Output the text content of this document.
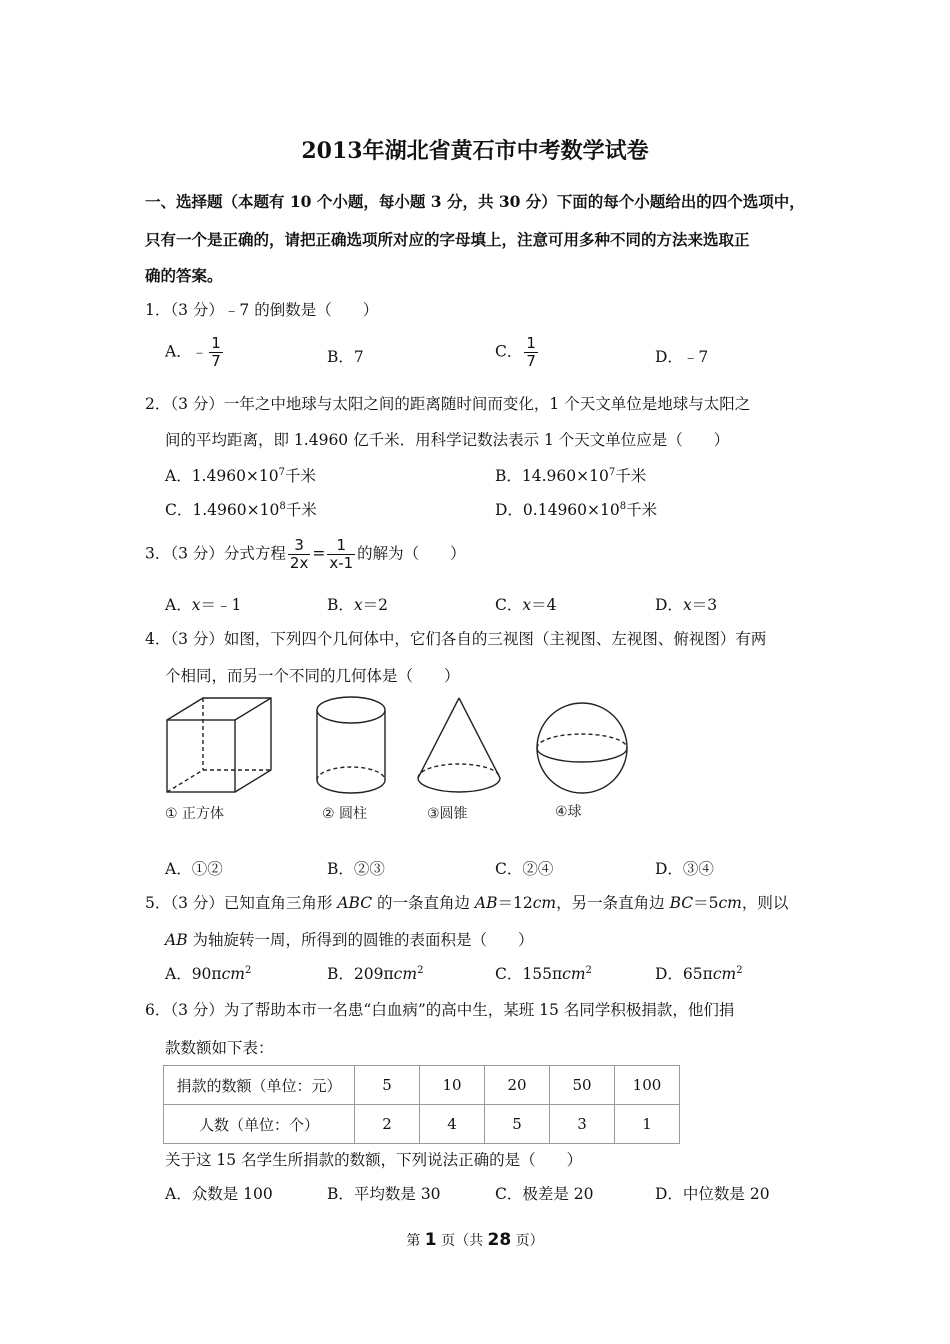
2013年湖北省黄石市中考数学试卷
一、选择题（本题有 10 个小题，每小题 3 分，共 30 分）下面的每个小题给出的四个选项中，
只有一个是正确的，请把正确选项所对应的字母填上，注意可用多种不同的方法来选取正
确的答案。
1．（3 分）﹣7 的倒数是（　　）
A．﹣ $\frac{1}{7}$	B．7	C． $\frac{1}{7}$	D．﹣7
2．（3 分）一年之中地球与太阳之间的距离随时间而变化，1 个天文单位是地球与太阳之
间的平均距离，即 1.4960 亿千米．用科学记数法表示 1 个天文单位应是（　　）
A．$1.4960\times 10^7$千米	B．$14.960\times 10^7$千米
C．$1.4960\times 10^8$千米	D．$0.14960\times 10^8$千米
3．（3 分）分式方程 $\frac{3}{2x} = \frac{1}{x-1}$ 的解为（　　）
A．x＝﹣1	B．x＝2	C．x＝4	D．x＝3
4．（3 分）如图，下列四个几何体中，它们各自的三视图（主视图、左视图、俯视图）有两
个相同，而另一个不同的几何体是（　　）
① 正方体	② 圆柱	③圆锥	④球
A．①②	B．②③	C．②④	D．③④
5．（3 分）已知直角三角形 ABC 的一条直角边 AB＝12cm，另一条直角边 BC＝5cm，则以
AB 为轴旋转一周，所得到的圆锥的表面积是（　　）
A．90πcm$^2$	B．209πcm$^2$	C．155πcm$^2$	D．65πcm$^2$
6．（3 分）为了帮助本市一名患“白血病”的高中生，某班 15 名同学积极捐款，他们捐
款数额如下表：
捐款的数额（单位：元）	5	10	20	50	100
人数（单位：个）	2	4	5	3	1
关于这 15 名学生所捐款的数额，下列说法正确的是（　　）
A．众数是 100	B．平均数是 30	C．极差是 20	D．中位数是 20
第 1 页（共 28 页）
